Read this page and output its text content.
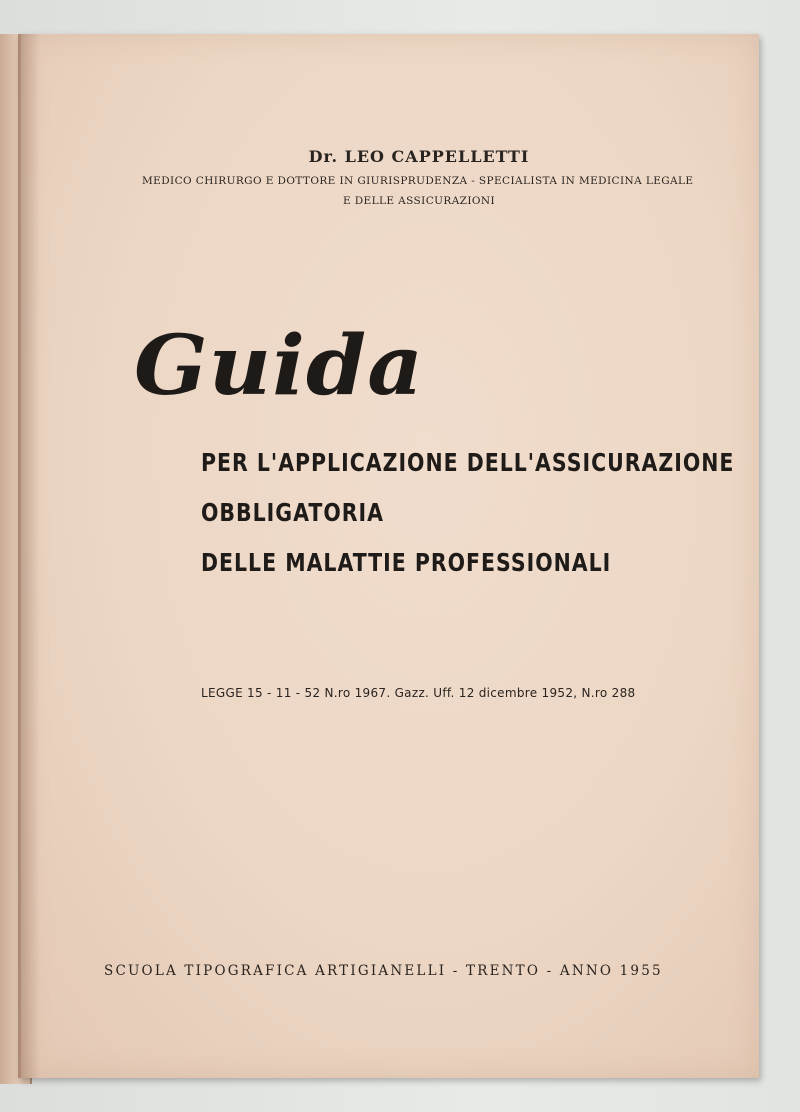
Dr. LEO CAPPELLETTI
MEDICO CHIRURGO E DOTTORE IN GIURISPRUDENZA - SPECIALISTA IN MEDICINA LEGALE
E DELLE ASSICURAZIONI
Guida
PER L'APPLICAZIONE DELL'ASSICURAZIONE
OBBLIGATORIA
DELLE MALATTIE PROFESSIONALI
LEGGE 15 - 11 - 52 N.ro 1967. Gazz. Uff. 12 dicembre 1952, N.ro 288
SCUOLA TIPOGRAFICA ARTIGIANELLI - TRENTO - ANNO 1955
